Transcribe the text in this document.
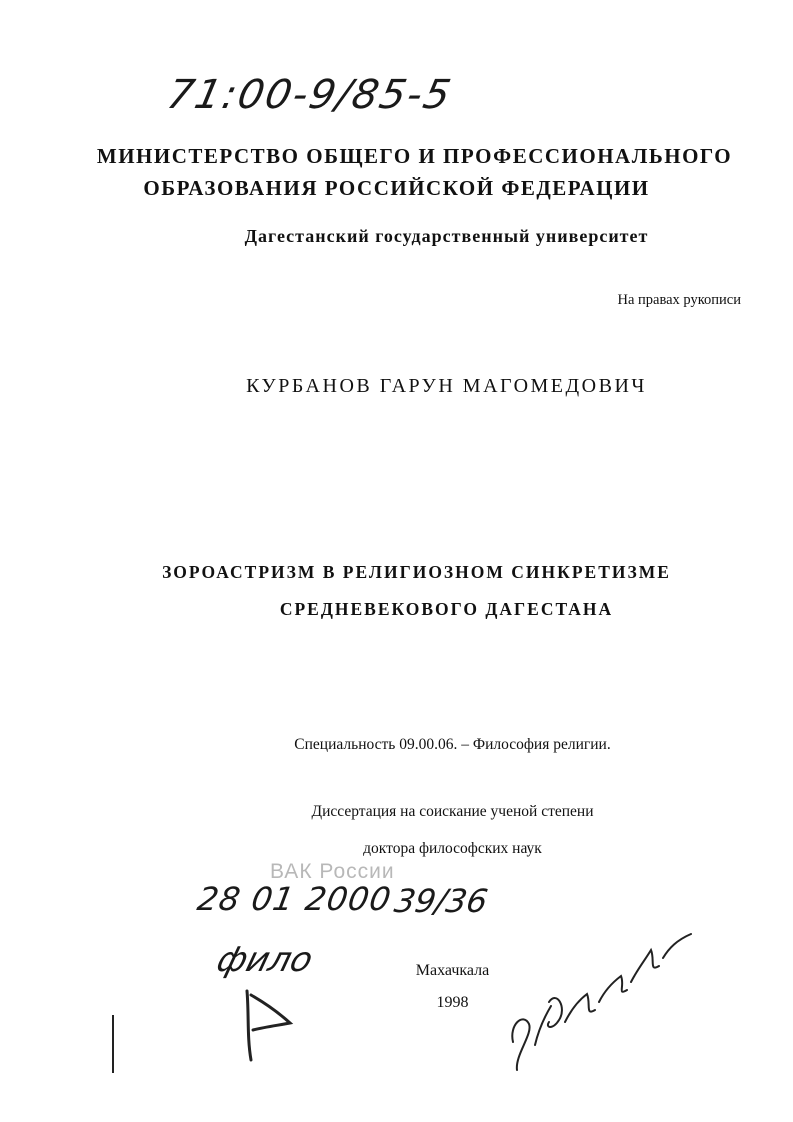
71:00-9/85-5
МИНИСТЕРСТВО ОБЩЕГО И ПРОФЕССИОНАЛЬНОГО
ОБРАЗОВАНИЯ РОССИЙСКОЙ ФЕДЕРАЦИИ
Дагестанский государственный университет
На правах рукописи
КУРБАНОВ ГАРУН МАГОМЕДОВИЧ
ЗОРОАСТРИЗМ В РЕЛИГИОЗНОМ СИНКРЕТИЗМЕ
СРЕДНЕВЕКОВОГО ДАГЕСТАНА
Специальность 09.00.06. – Философия религии.
Диссертация на соискание ученой степени
доктора философских наук
ВАК России
28 01 2000
39/36
фило	Махачкала
1998
